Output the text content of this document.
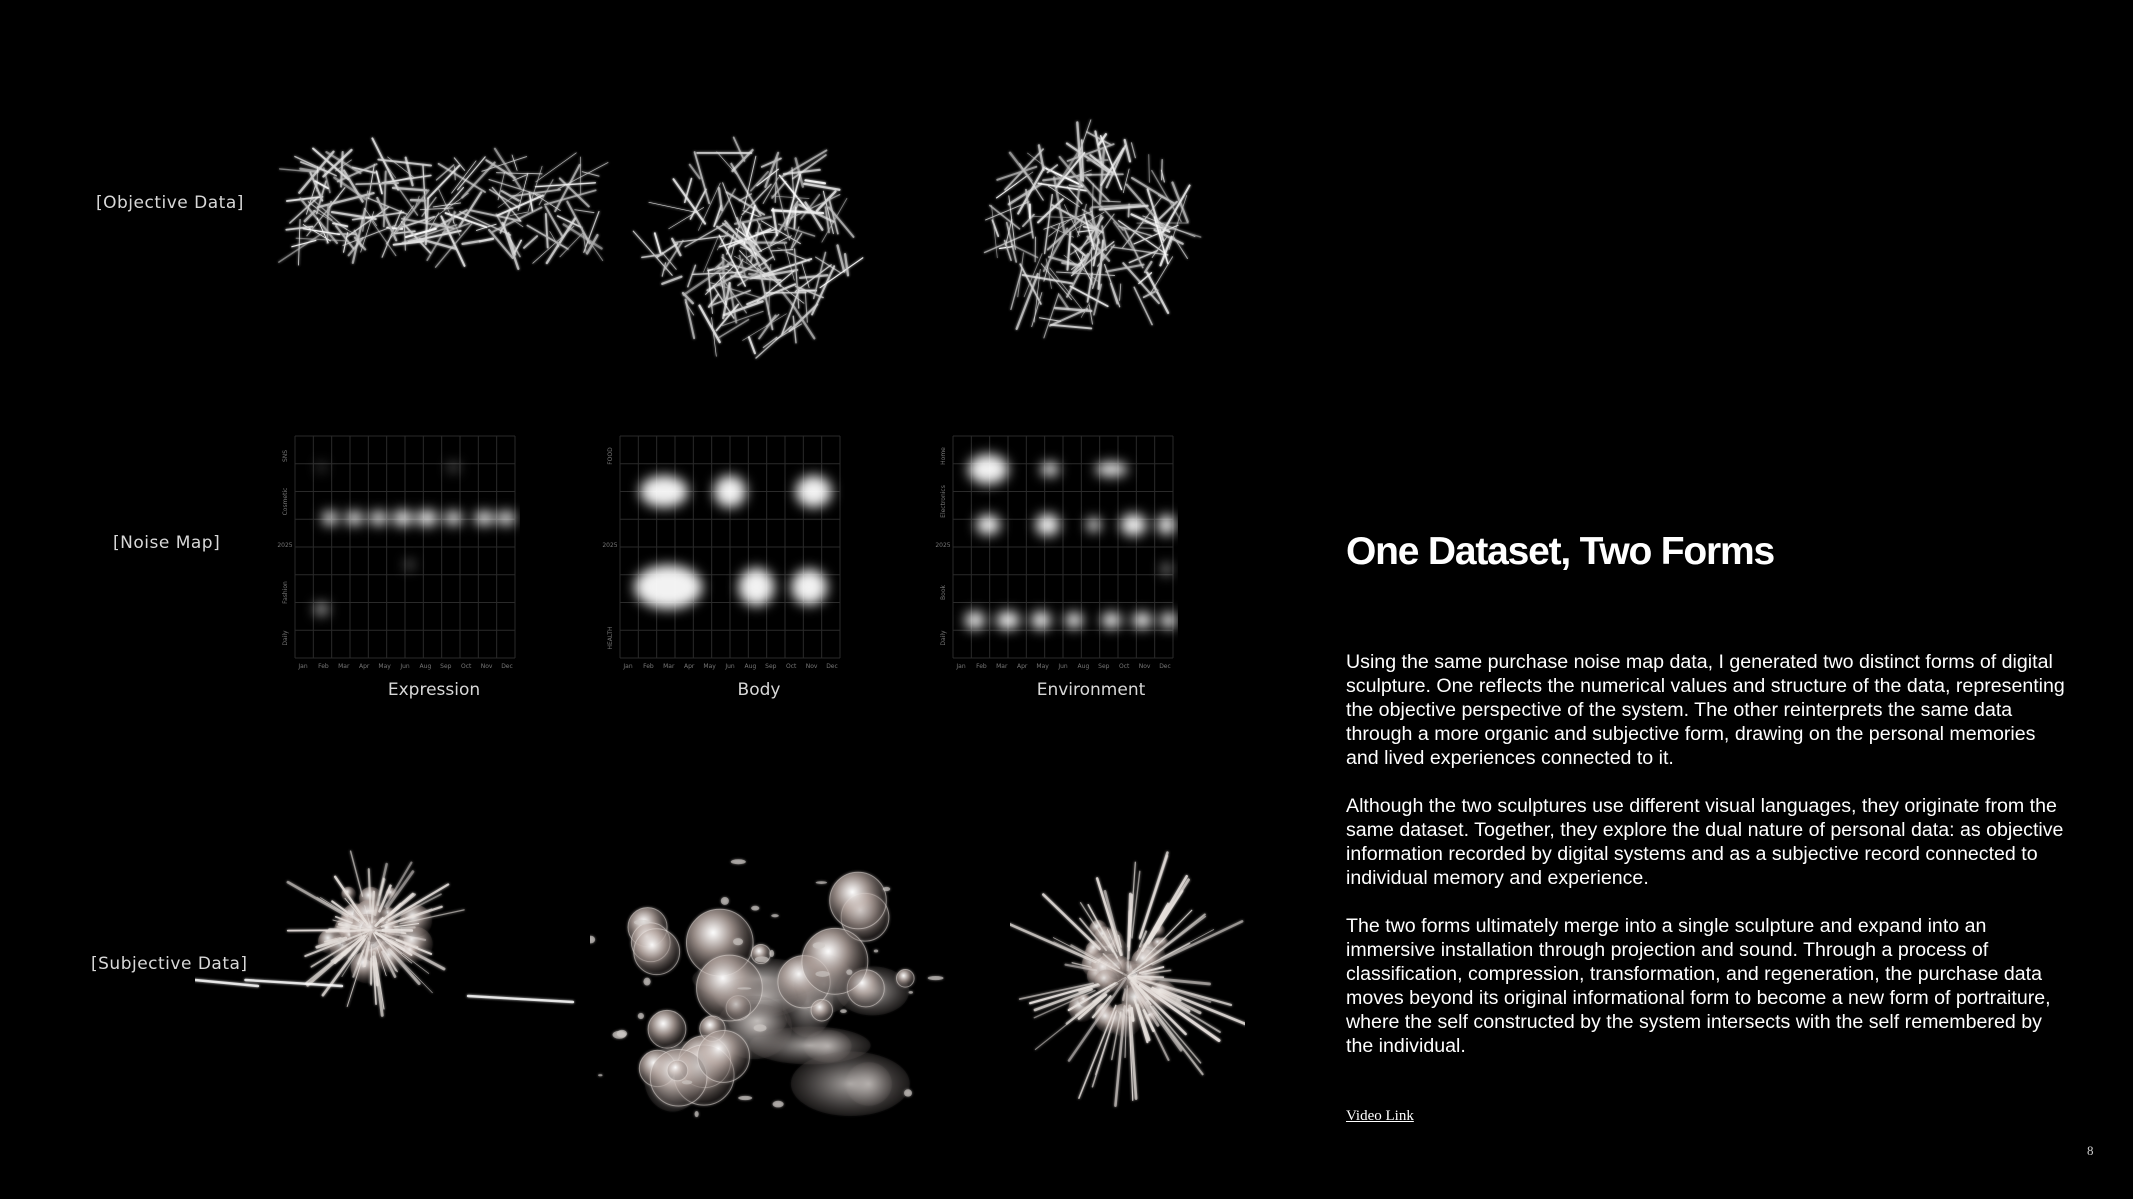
[Objective Data]
[Noise Map]
[Subjective Data]
Jan Feb Mar Apr May Jun Aug Sep Oct Nov Dec
SNS
Cosmetic
2025
Fashion
Daily
Expression
Jan Feb Mar Apr May Jun Aug Sep Oct Nov Dec
FOOD
2025
HEALTH
Body
Jan Feb Mar Apr May Jun Aug Sep Oct Nov Dec
Home
Electronics
2025
Book
Daily
Environment
One Dataset, Two Forms

Using the same purchase noise map data, I generated two distinct forms of digital sculpture. One reflects the numerical values and structure of the data, representing the objective perspective of the system. The other reinterprets the same data through a more organic and subjective form, drawing on the personal memories and lived experiences connected to it.

Although the two sculptures use different visual languages, they originate from the same dataset. Together, they explore the dual nature of personal data: as objective information recorded by digital systems and as a subjective record connected to individual memory and experience.

The two forms ultimately merge into a single sculpture and expand into an immersive installation through projection and sound. Through a process of classification, compression, transformation, and regeneration, the purchase data moves beyond its original informational form to become a new form of portraiture, where the self constructed by the system intersects with the self remembered by the individual.

Video Link
8
